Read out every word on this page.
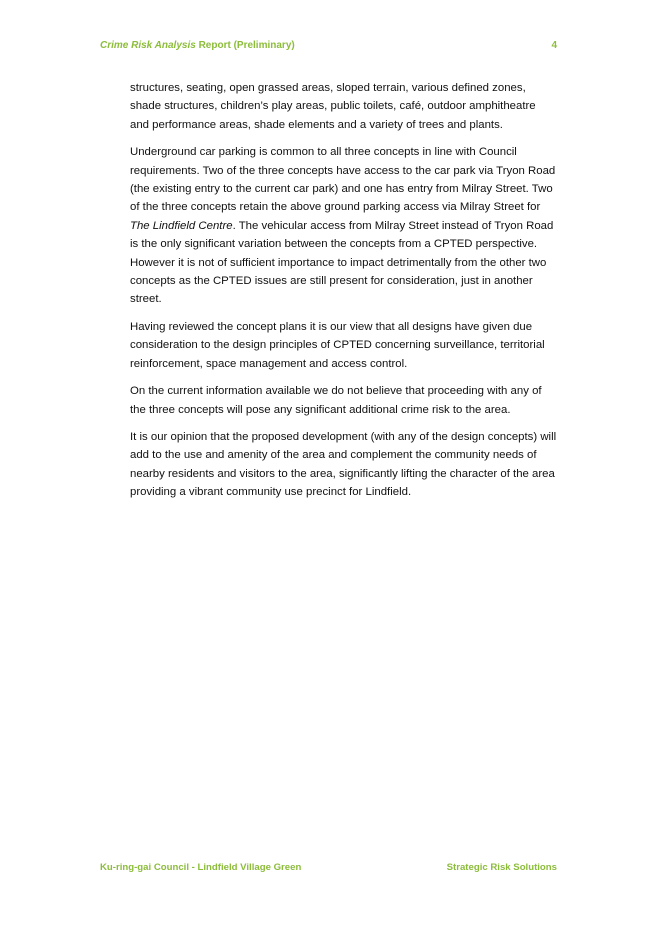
Crime Risk Analysis Report (Preliminary)	4

structures, seating, open grassed areas, sloped terrain, various defined zones, shade structures, children’s play areas, public toilets, café, outdoor amphitheatre and performance areas, shade elements and a variety of trees and plants.

Underground car parking is common to all three concepts in line with Council requirements. Two of the three concepts have access to the car park via Tryon Road (the existing entry to the current car park) and one has entry from Milray Street. Two of the three concepts retain the above ground parking access via Milray Street for The Lindfield Centre. The vehicular access from Milray Street instead of Tryon Road is the only significant variation between the concepts from a CPTED perspective. However it is not of sufficient importance to impact detrimentally from the other two concepts as the CPTED issues are still present for consideration, just in another street.

Having reviewed the concept plans it is our view that all designs have given due consideration to the design principles of CPTED concerning surveillance, territorial reinforcement, space management and access control.

On the current information available we do not believe that proceeding with any of the three concepts will pose any significant additional crime risk to the area.

It is our opinion that the proposed development (with any of the design concepts) will add to the use and amenity of the area and complement the community needs of nearby residents and visitors to the area, significantly lifting the character of the area providing a vibrant community use precinct for Lindfield.

Ku-ring-gai Council - Lindfield Village Green	Strategic Risk Solutions
